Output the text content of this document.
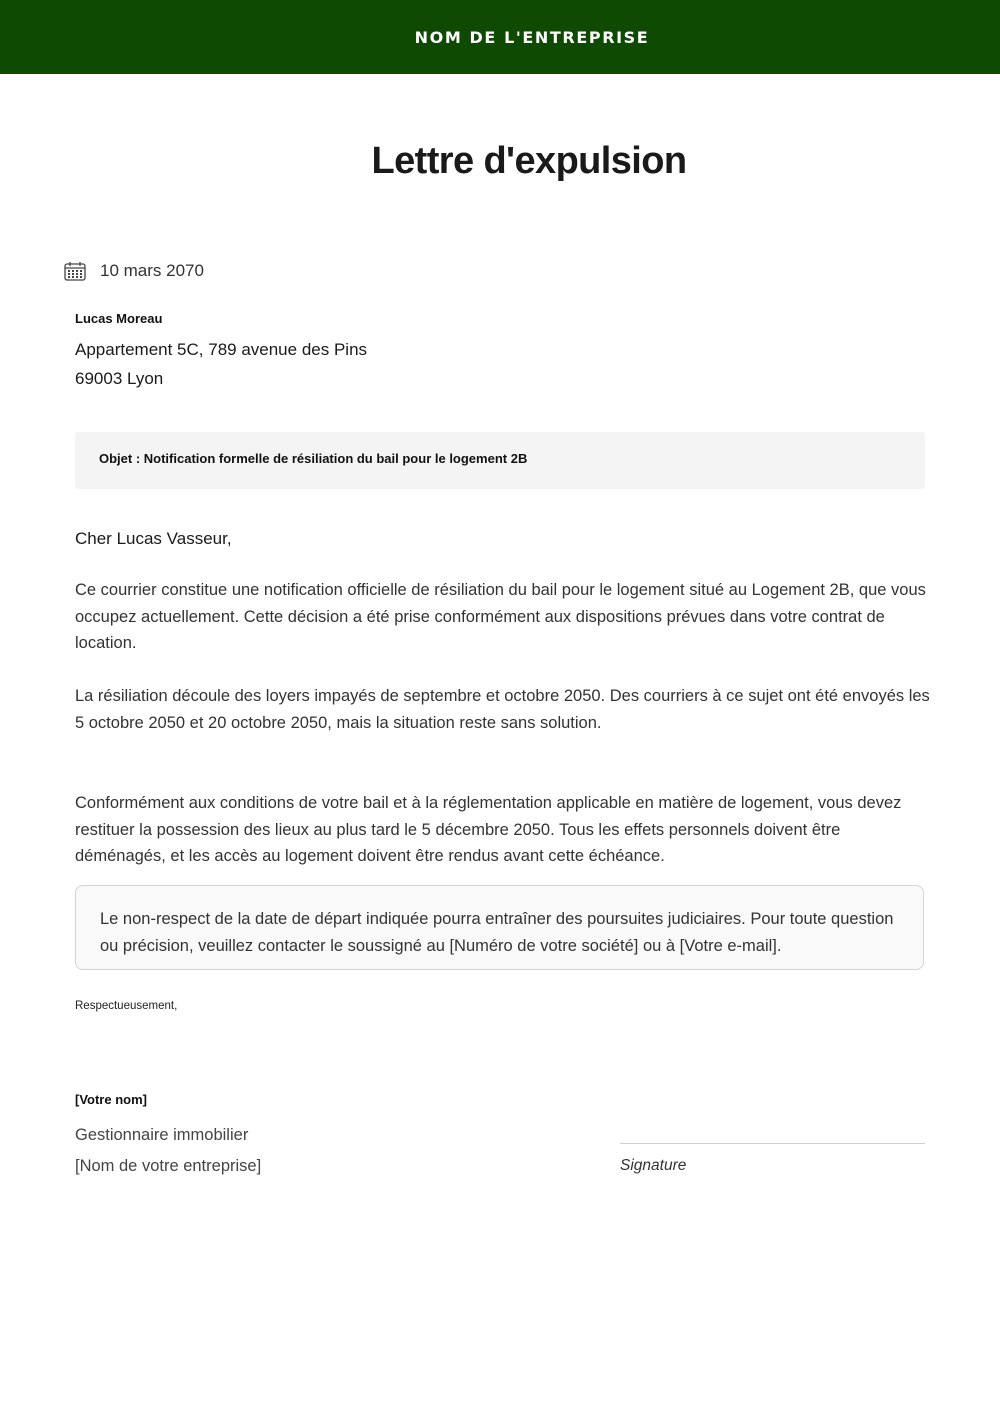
NOM DE L'ENTREPRISE
Lettre d'expulsion
10 mars 2070
Lucas Moreau
Appartement 5C, 789 avenue des Pins
69003 Lyon
Objet : Notification formelle de résiliation du bail pour le logement 2B
Cher Lucas Vasseur,

Ce courrier constitue une notification officielle de résiliation du bail pour le logement situé au Logement 2B, que vous occupez actuellement. Cette décision a été prise conformément aux dispositions prévues dans votre contrat de location.

La résiliation découle des loyers impayés de septembre et octobre 2050. Des courriers à ce sujet ont été envoyés les 5 octobre 2050 et 20 octobre 2050, mais la situation reste sans solution.

Conformément aux conditions de votre bail et à la réglementation applicable en matière de logement, vous devez restituer la possession des lieux au plus tard le 5 décembre 2050. Tous les effets personnels doivent être déménagés, et les accès au logement doivent être rendus avant cette échéance.

Le non-respect de la date de départ indiquée pourra entraîner des poursuites judiciaires. Pour toute question ou précision, veuillez contacter le soussigné au [Numéro de votre société] ou à [Votre e-mail].
Respectueusement,
[Votre nom]
Gestionnaire immobilier
[Nom de votre entreprise]	Signature
